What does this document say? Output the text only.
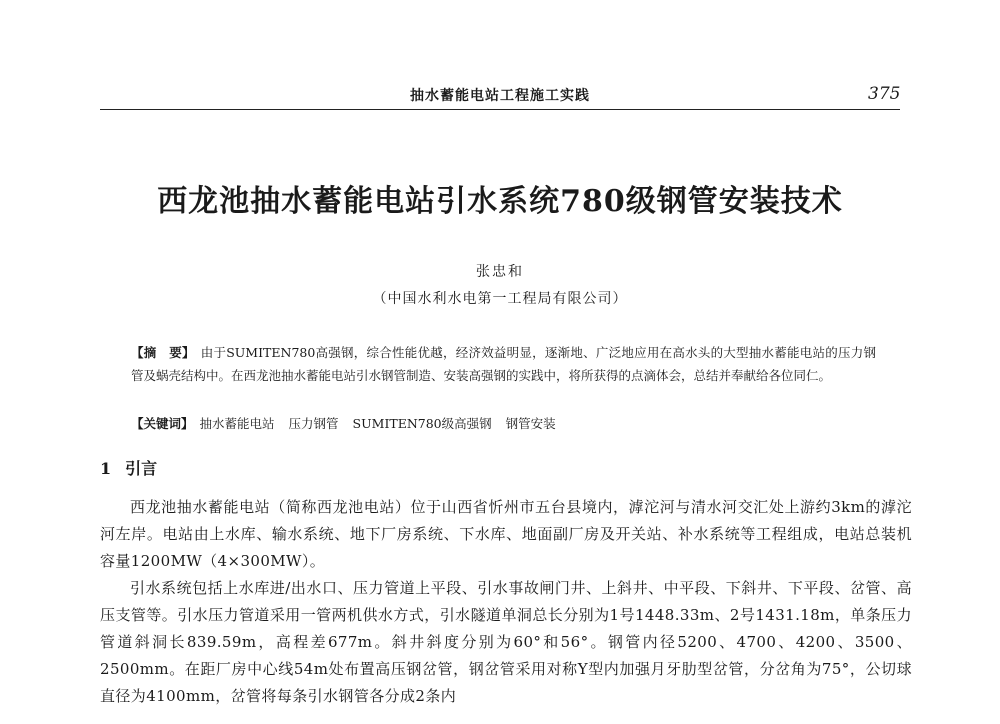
抽水蓄能电站工程施工实践	375
西龙池抽水蓄能电站引水系统780级钢管安装技术
张忠和
（中国水利水电第一工程局有限公司）
【摘　要】 由于SUMITEN780高强钢，综合性能优越，经济效益明显，逐渐地、广泛地应用在高水头的大型抽水蓄能电站的压力钢管及蜗壳结构中。在西龙池抽水蓄能电站引水钢管制造、安装高强钢的实践中，将所获得的点滴体会，总结并奉献给各位同仁。
【关键词】 抽水蓄能电站 压力钢管 SUMITEN780级高强钢 钢管安装
1 引言

西龙池抽水蓄能电站（简称西龙池电站）位于山西省忻州市五台县境内，滹沱河与清水河交汇处上游约3km的滹沱河左岸。电站由上水库、输水系统、地下厂房系统、下水库、地面副厂房及开关站、补水系统等工程组成，电站总装机容量1200MW（4×300MW）。

引水系统包括上水库进/出水口、压力管道上平段、引水事故闸门井、上斜井、中平段、下斜井、下平段、岔管、高压支管等。引水压力管道采用一管两机供水方式，引水隧道单洞总长分别为1号1448.33m、2号1431.18m，单条压力管道斜洞长839.59m，高程差677m。斜井斜度分别为60°和56°。钢管内径5200、4700、4200、3500、2500mm。在距厂房中心线54m处布置高压钢岔管，钢岔管采用对称Y型内加强月牙肋型岔管，分岔角为75°，公切球直径为4100mm，岔管将每条引水钢管各分成2条内
